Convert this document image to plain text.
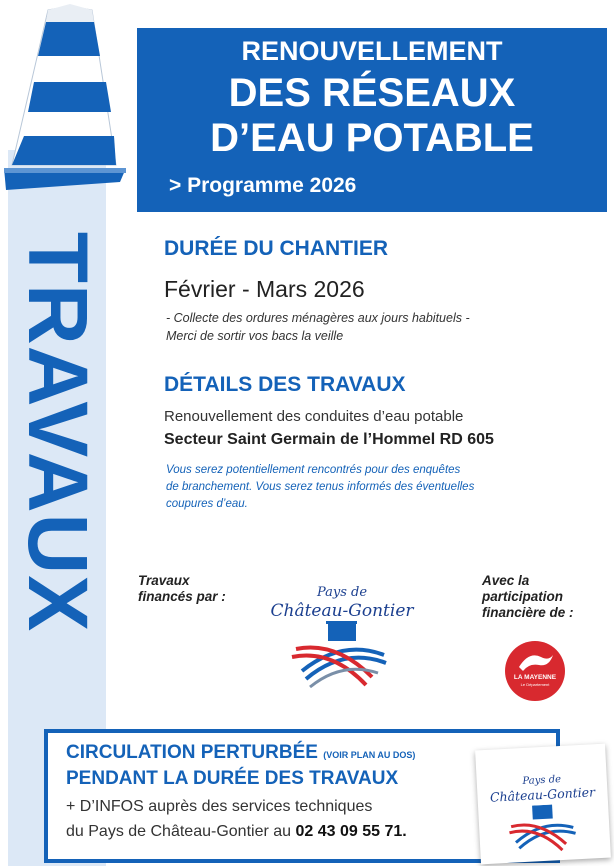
TRAVAUX
RENOUVELLEMENT
DES RÉSEAUX
D’EAU POTABLE
> Programme 2026
DURÉE DU CHANTIER
Février - Mars 2026
- Collecte des ordures ménagères aux jours habituels -
Merci de sortir vos bacs la veille
DÉTAILS DES TRAVAUX
Renouvellement des conduites d’eau potable
Secteur Saint Germain de l’Hommel RD 605
Vous serez potentiellement rencontrés pour des enquêtes
de branchement. Vous serez tenus informés des éventuelles
coupures d’eau.
Travaux
financés par :	Pays de
Château-Gontier
Avec la
participation
financière de :
LA MAYENNE
Le Département
CIRCULATION PERTURBÉE (VOIR PLAN AU DOS)
PENDANT LA DURÉE DES TRAVAUX
+ D’INFOS auprès des services techniques
du Pays de Château-Gontier au 02 43 09 55 71.
Pays de
Château-Gontier
